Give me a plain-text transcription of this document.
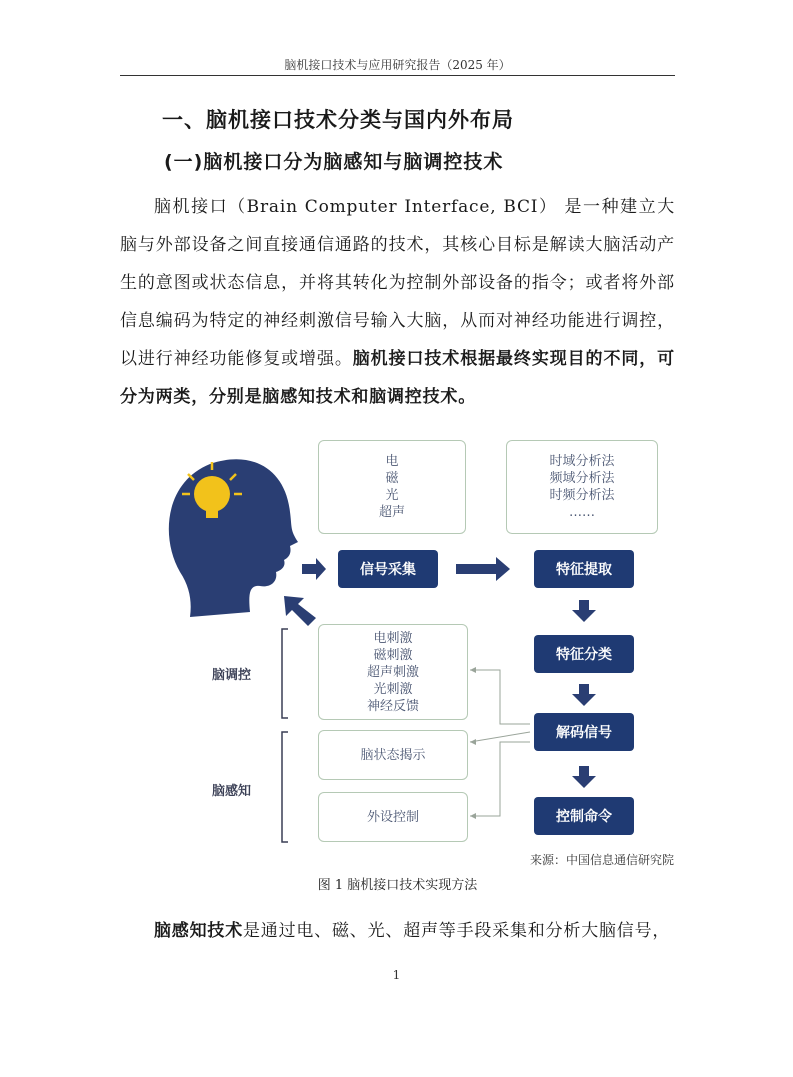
脑机接口技术与应用研究报告（2025 年）
一、脑机接口技术分类与国内外布局
(一)脑机接口分为脑感知与脑调控技术

脑机接口（Brain Computer Interface, BCI） 是一种建立大脑与外部设备之间直接通信通路的技术，其核心目标是解读大脑活动产生的意图或状态信息，并将其转化为控制外部设备的指令；或者将外部信息编码为特定的神经刺激信号输入大脑，从而对神经功能进行调控，以进行神经功能修复或增强。脑机接口技术根据最终实现目的不同，可分为两类，分别是脑感知技术和脑调控技术。

电
磁
光
超声
时域分析法
频域分析法
时频分析法
……
信号采集	特征提取
特征分类
解码信号
控制命令
电刺激
磁刺激
超声刺激
光刺激
神经反馈
脑状态揭示
外设控制
脑调控
脑感知
来源：中国信息通信研究院
图 1 脑机接口技术实现方法

脑感知技术是通过电、磁、光、超声等手段采集和分析大脑信号，

1
